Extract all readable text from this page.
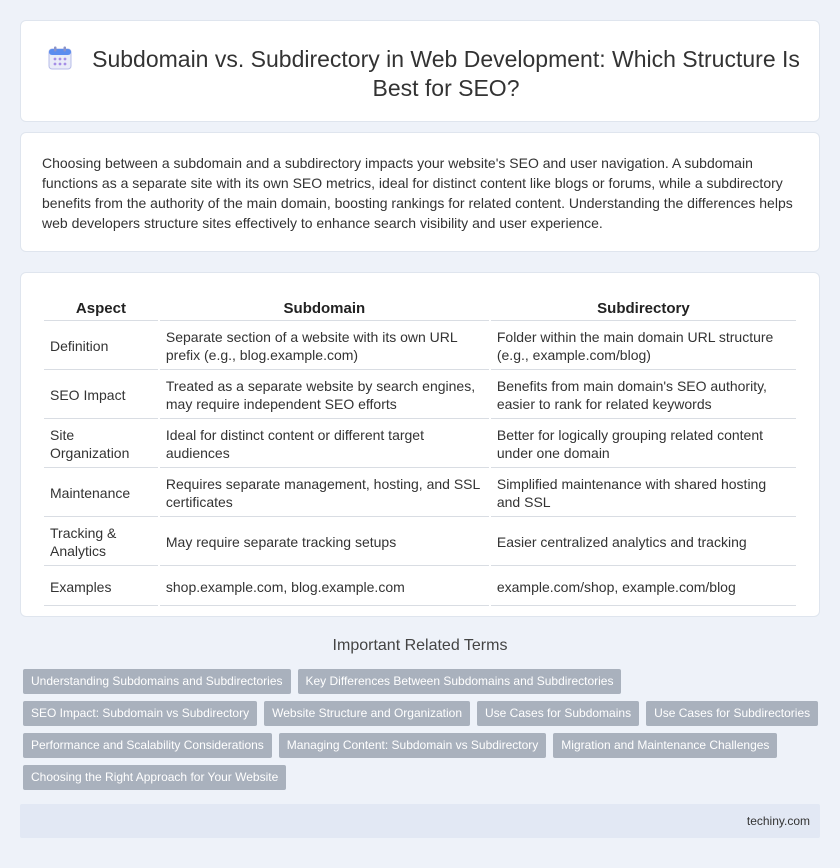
Subdomain vs. Subdirectory in Web Development: Which Structure Is Best for SEO?

Choosing between a subdomain and a subdirectory impacts your website's SEO and user navigation. A subdomain functions as a separate site with its own SEO metrics, ideal for distinct content like blogs or forums, while a subdirectory benefits from the authority of the main domain, boosting rankings for related content. Understanding the differences helps web developers structure sites effectively to enhance search visibility and user experience.

Aspect	Subdomain	Subdirectory
Definition	Separate section of a website with its own URL prefix (e.g., blog.example.com)	Folder within the main domain URL structure (e.g., example.com/blog)
SEO Impact	Treated as a separate website by search engines, may require independent SEO efforts	Benefits from main domain's SEO authority, easier to rank for related keywords
Site Organization	Ideal for distinct content or different target audiences	Better for logically grouping related content under one domain
Maintenance	Requires separate management, hosting, and SSL certificates	Simplified maintenance with shared hosting and SSL
Tracking & Analytics	May require separate tracking setups	Easier centralized analytics and tracking
Examples	shop.example.com, blog.example.com	example.com/shop, example.com/blog
Important Related Terms
Understanding Subdomains and Subdirectories	Key Differences Between Subdomains and Subdirectories
SEO Impact: Subdomain vs Subdirectory	Website Structure and Organization	Use Cases for Subdomains	Use Cases for Subdirectories
Performance and Scalability Considerations	Managing Content: Subdomain vs Subdirectory	Migration and Maintenance Challenges
Choosing the Right Approach for Your Website
techiny.com
